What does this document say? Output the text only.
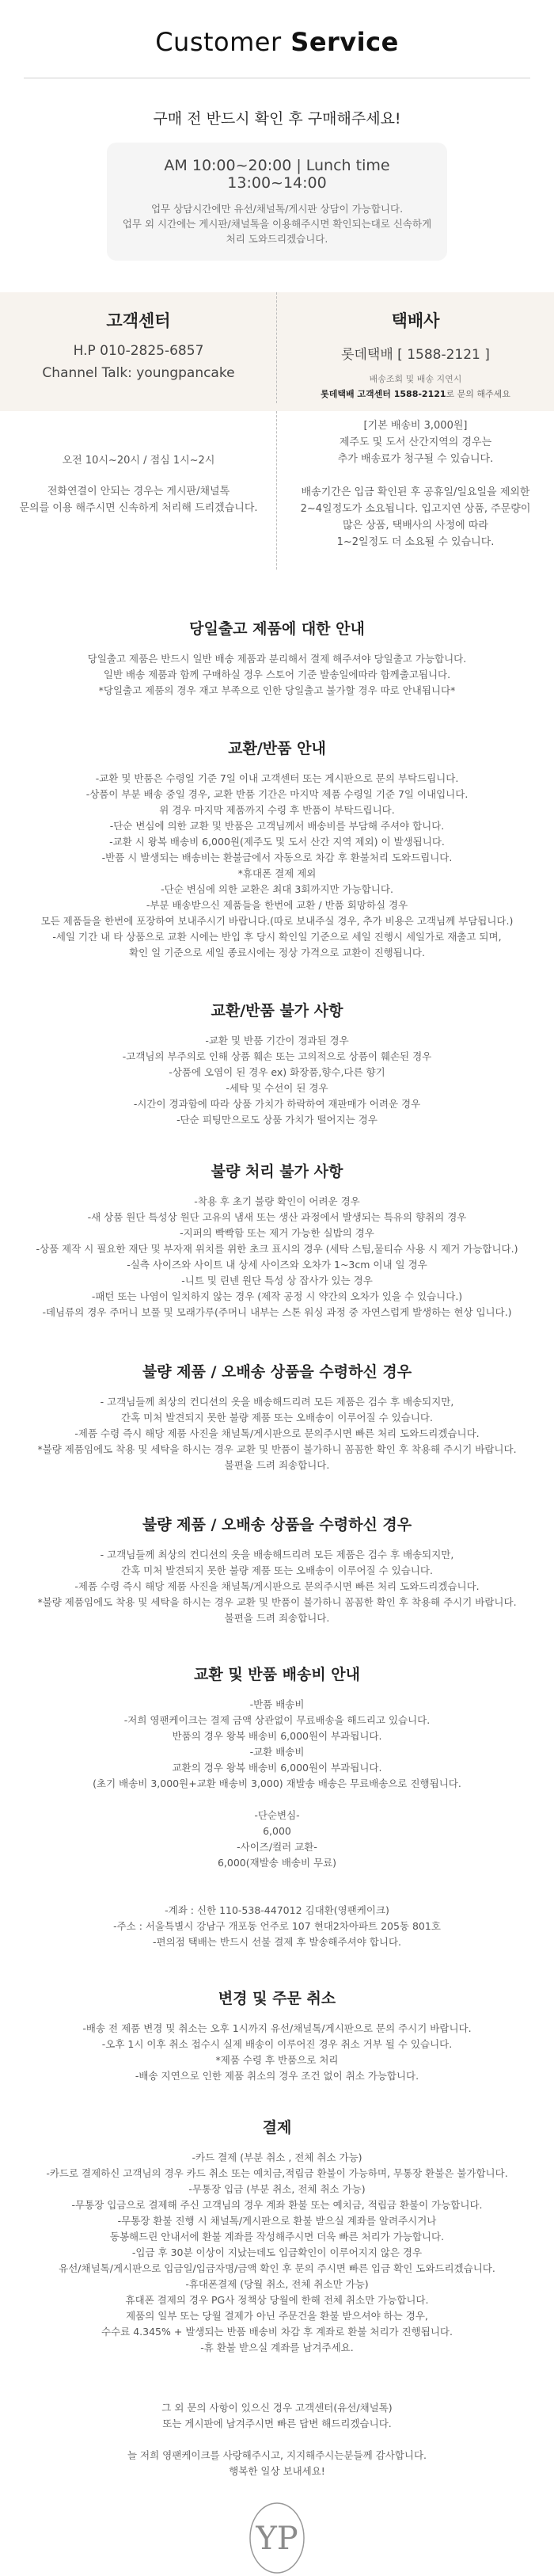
Customer Service
구매 전 반드시 확인 후 구매해주세요!
AM 10:00~20:00 | Lunch time 13:00~14:00
업무 상담시간에만 유선/채널톡/게시판 상담이 가능합니다.
업무 외 시간에는 게시판/채널톡을 이용해주시면 확인되는대로 신속하게
처리 도와드리겠습니다.
고객센터
H.P 010-2825-6857
Channel Talk: youngpancake
택배사
롯데택배 [ 1588-2121 ]
배송조회 및 배송 지연시
롯데택배 고객센터 1588-2121로 문의 해주세요
오전 10시~20시 / 점심 1시~2시
전화연결이 안되는 경우는 게시판/채널톡
문의를 이용 해주시면 신속하게 처리해 드리겠습니다.
[기본 배송비 3,000원]
제주도 및 도서 산간지역의 경우는
추가 배송료가 청구될 수 있습니다.
배송기간은 입금 확인된 후 공휴일/일요일을 제외한
2~4일정도가 소요됩니다. 입고지연 상품, 주문량이
많은 상품, 택배사의 사정에 따라
1~2일정도 더 소요될 수 있습니다.
당일출고 제품에 대한 안내
당일출고 제품은 반드시 일반 배송 제품과 분리해서 결제 해주셔야 당일출고 가능합니다.
일반 배송 제품과 함께 구매하실 경우 스토어 기준 발송일에따라 함께출고됩니다.
*당일출고 제품의 경우 재고 부족으로 인한 당일출고 불가할 경우 따로 안내됩니다*
교환/반품 안내
-교환 및 반품은 수령일 기준 7일 이내 고객센터 또는 게시판으로 문의 부탁드립니다.
-상품이 부분 배송 중일 경우, 교환 반품 기간은 마지막 제품 수령일 기준 7일 이내입니다.
위 경우 마지막 제품까지 수령 후 반품이 부탁드립니다.
-단순 변심에 의한 교환 및 반품은 고객님께서 배송비를 부담해 주셔야 합니다.
-교환 시 왕복 배송비 6,000원(제주도 및 도서 산간 지역 제외) 이 발생됩니다.
-반품 시 발생되는 배송비는 환불금에서 자동으로 차감 후 환불처리 도와드립니다.
*휴대폰 결제 제외
-단순 변심에 의한 교환은 최대 3회까지만 가능합니다.
-부분 배송받으신 제품들을 한번에 교환 / 반품 회망하실 경우
모든 제품들을 한번에 포장하여 보내주시기 바랍니다.(따로 보내주실 경우, 추가 비용은 고객님께 부담됩니다.)
-세일 기간 내 타 상품으로 교환 시에는 반입 후 당시 확인일 기준으로 세일 진행시 세일가로 재출고 되며,
확인 일 기준으로 세일 종료시에는 정상 가격으로 교환이 진행됩니다.
교환/반품 불가 사항
-교환 및 반품 기간이 경과된 경우
-고객님의 부주의로 인해 상품 훼손 또는 고의적으로 상품이 훼손된 경우
-상품에 오염이 된 경우 ex) 화장품,향수,다른 향기
-세탁 및 수선이 된 경우
-시간이 경과함에 따라 상품 가치가 하락하여 재판매가 어려운 경우
-단순 피팅만으로도 상품 가치가 떨어지는 경우
불량 처리 불가 사항
-착용 후 초기 불량 확인이 어려운 경우
-새 상품 원단 특성상 원단 고유의 냄새 또는 생산 과정에서 발생되는 특유의 향취의 경우
-지퍼의 빡빡함 또는 제거 가능한 실밥의 경우
-상품 제작 시 필요한 재단 및 부자재 위치를 위한 초크 표시의 경우 (세탁 스팀,물티슈 사용 시 제거 가능합니다.)
-실측 사이즈와 사이트 내 상세 사이즈와 오차가 1~3cm 이내 일 경우
-니트 및 린넨 원단 특성 상 잡사가 있는 경우
-패턴 또는 나염이 일치하지 않는 경우 (제작 공정 시 약간의 오차가 있을 수 있습니다.)
-데님류의 경우 주머니 보풀 및 모래가루(주머니 내부는 스톤 워싱 과정 중 자연스럽게 발생하는 현상 입니다.)
불량 제품 / 오배송 상품을 수령하신 경우
- 고객님들께 최상의 컨디션의 옷을 배송해드리려 모든 제품은 검수 후 배송되지만,
간혹 미처 발견되지 못한 불량 제품 또는 오배송이 이루어질 수 있습니다.
-제품 수령 즉시 해당 제품 사진을 채널톡/게시판으로 문의주시면 빠른 처리 도와드리겠습니다.
*불량 제품임에도 착용 및 세탁을 하시는 경우 교환 및 반품이 불가하니 꼼꼼한 확인 후 착용해 주시기 바랍니다.
불편을 드려 죄송합니다.
불량 제품 / 오배송 상품을 수령하신 경우
- 고객님들께 최상의 컨디션의 옷을 배송해드리려 모든 제품은 검수 후 배송되지만,
간혹 미처 발견되지 못한 불량 제품 또는 오배송이 이루어질 수 있습니다.
-제품 수령 즉시 해당 제품 사진을 채널톡/게시판으로 문의주시면 빠른 처리 도와드리겠습니다.
*불량 제품임에도 착용 및 세탁을 하시는 경우 교환 및 반품이 불가하니 꼼꼼한 확인 후 착용해 주시기 바랍니다.
불편을 드려 죄송합니다.
교환 및 반품 배송비 안내
-반품 배송비
-저희 영팬케이크는 결제 금액 상관없이 무료배송을 해드리고 있습니다.
반품의 경우 왕복 배송비 6,000원이 부과됩니다.
-교환 배송비
교환의 경우 왕복 배송비 6,000원이 부과됩니다.
(초기 배송비 3,000원+교환 배송비 3,000) 재발송 배송은 무료배송으로 진행됩니다.
-단순변심-
6,000
-사이즈/컬러 교환-
6,000(재발송 배송비 무료)
-계좌 : 신한 110-538-447012 김대환(영팬케이크)
-주소 : 서울특별시 강남구 개포동 언주로 107 현대2차아파트 205동 801호
-편의점 택배는 반드시 선불 결제 후 발송해주셔야 합니다.
변경 및 주문 취소
-배송 전 제품 변경 및 취소는 오후 1시까지 유선/채널톡/게시판으로 문의 주시기 바랍니다.
-오후 1시 이후 취소 접수시 실제 배송이 이루어진 경우 취소 거부 될 수 있습니다.
*제품 수령 후 반품으로 처리
-배송 지연으로 인한 제품 취소의 경우 조건 없이 취소 가능합니다.
결제
-카드 결제 (부분 취소 , 전체 취소 가능)
-카드로 결제하신 고객님의 경우 카드 취소 또는 예치금,적립금 환불이 가능하며, 무통장 환불은 불가합니다.
-무통장 입금 (부분 취소, 전체 취소 가능)
-무통장 입금으로 결제해 주신 고객님의 경우 계좌 환불 또는 예치금, 적립금 환불이 가능합니다.
-무통장 환불 진행 시 채널톡/게시판으로 환불 받으실 계좌를 알려주시거나
동봉해드린 안내서에 환불 계좌를 작성해주시면 더욱 빠른 처리가 가능합니다.
-입금 후 30분 이상이 지났는데도 입금확인이 이루어지지 않은 경우
유선/채널톡/게시판으로 입금일/입금자명/금액 확인 후 문의 주시면 빠른 입금 확인 도와드리겠습니다.
-휴대폰결제 (당월 취소, 전체 취소만 가능)
휴대폰 결제의 경우 PG사 정책상 당월에 한해 전체 취소만 가능합니다.
제품의 일부 또는 당월 결제가 아닌 주문건을 환불 받으셔야 하는 경우,
수수료 4.345% + 발생되는 반품 배송비 차감 후 계좌로 환불 처리가 진행됩니다.
-휴 환불 받으실 계좌를 남겨주세요.
그 외 문의 사항이 있으신 경우 고객센터(유선/채널톡)
또는 게시판에 남겨주시면 빠른 답변 해드리겠습니다.
늘 저희 영팬케이크를 사랑해주시고, 지지해주시는분들께 감사합니다.
행복한 일상 보내세요!
YP
